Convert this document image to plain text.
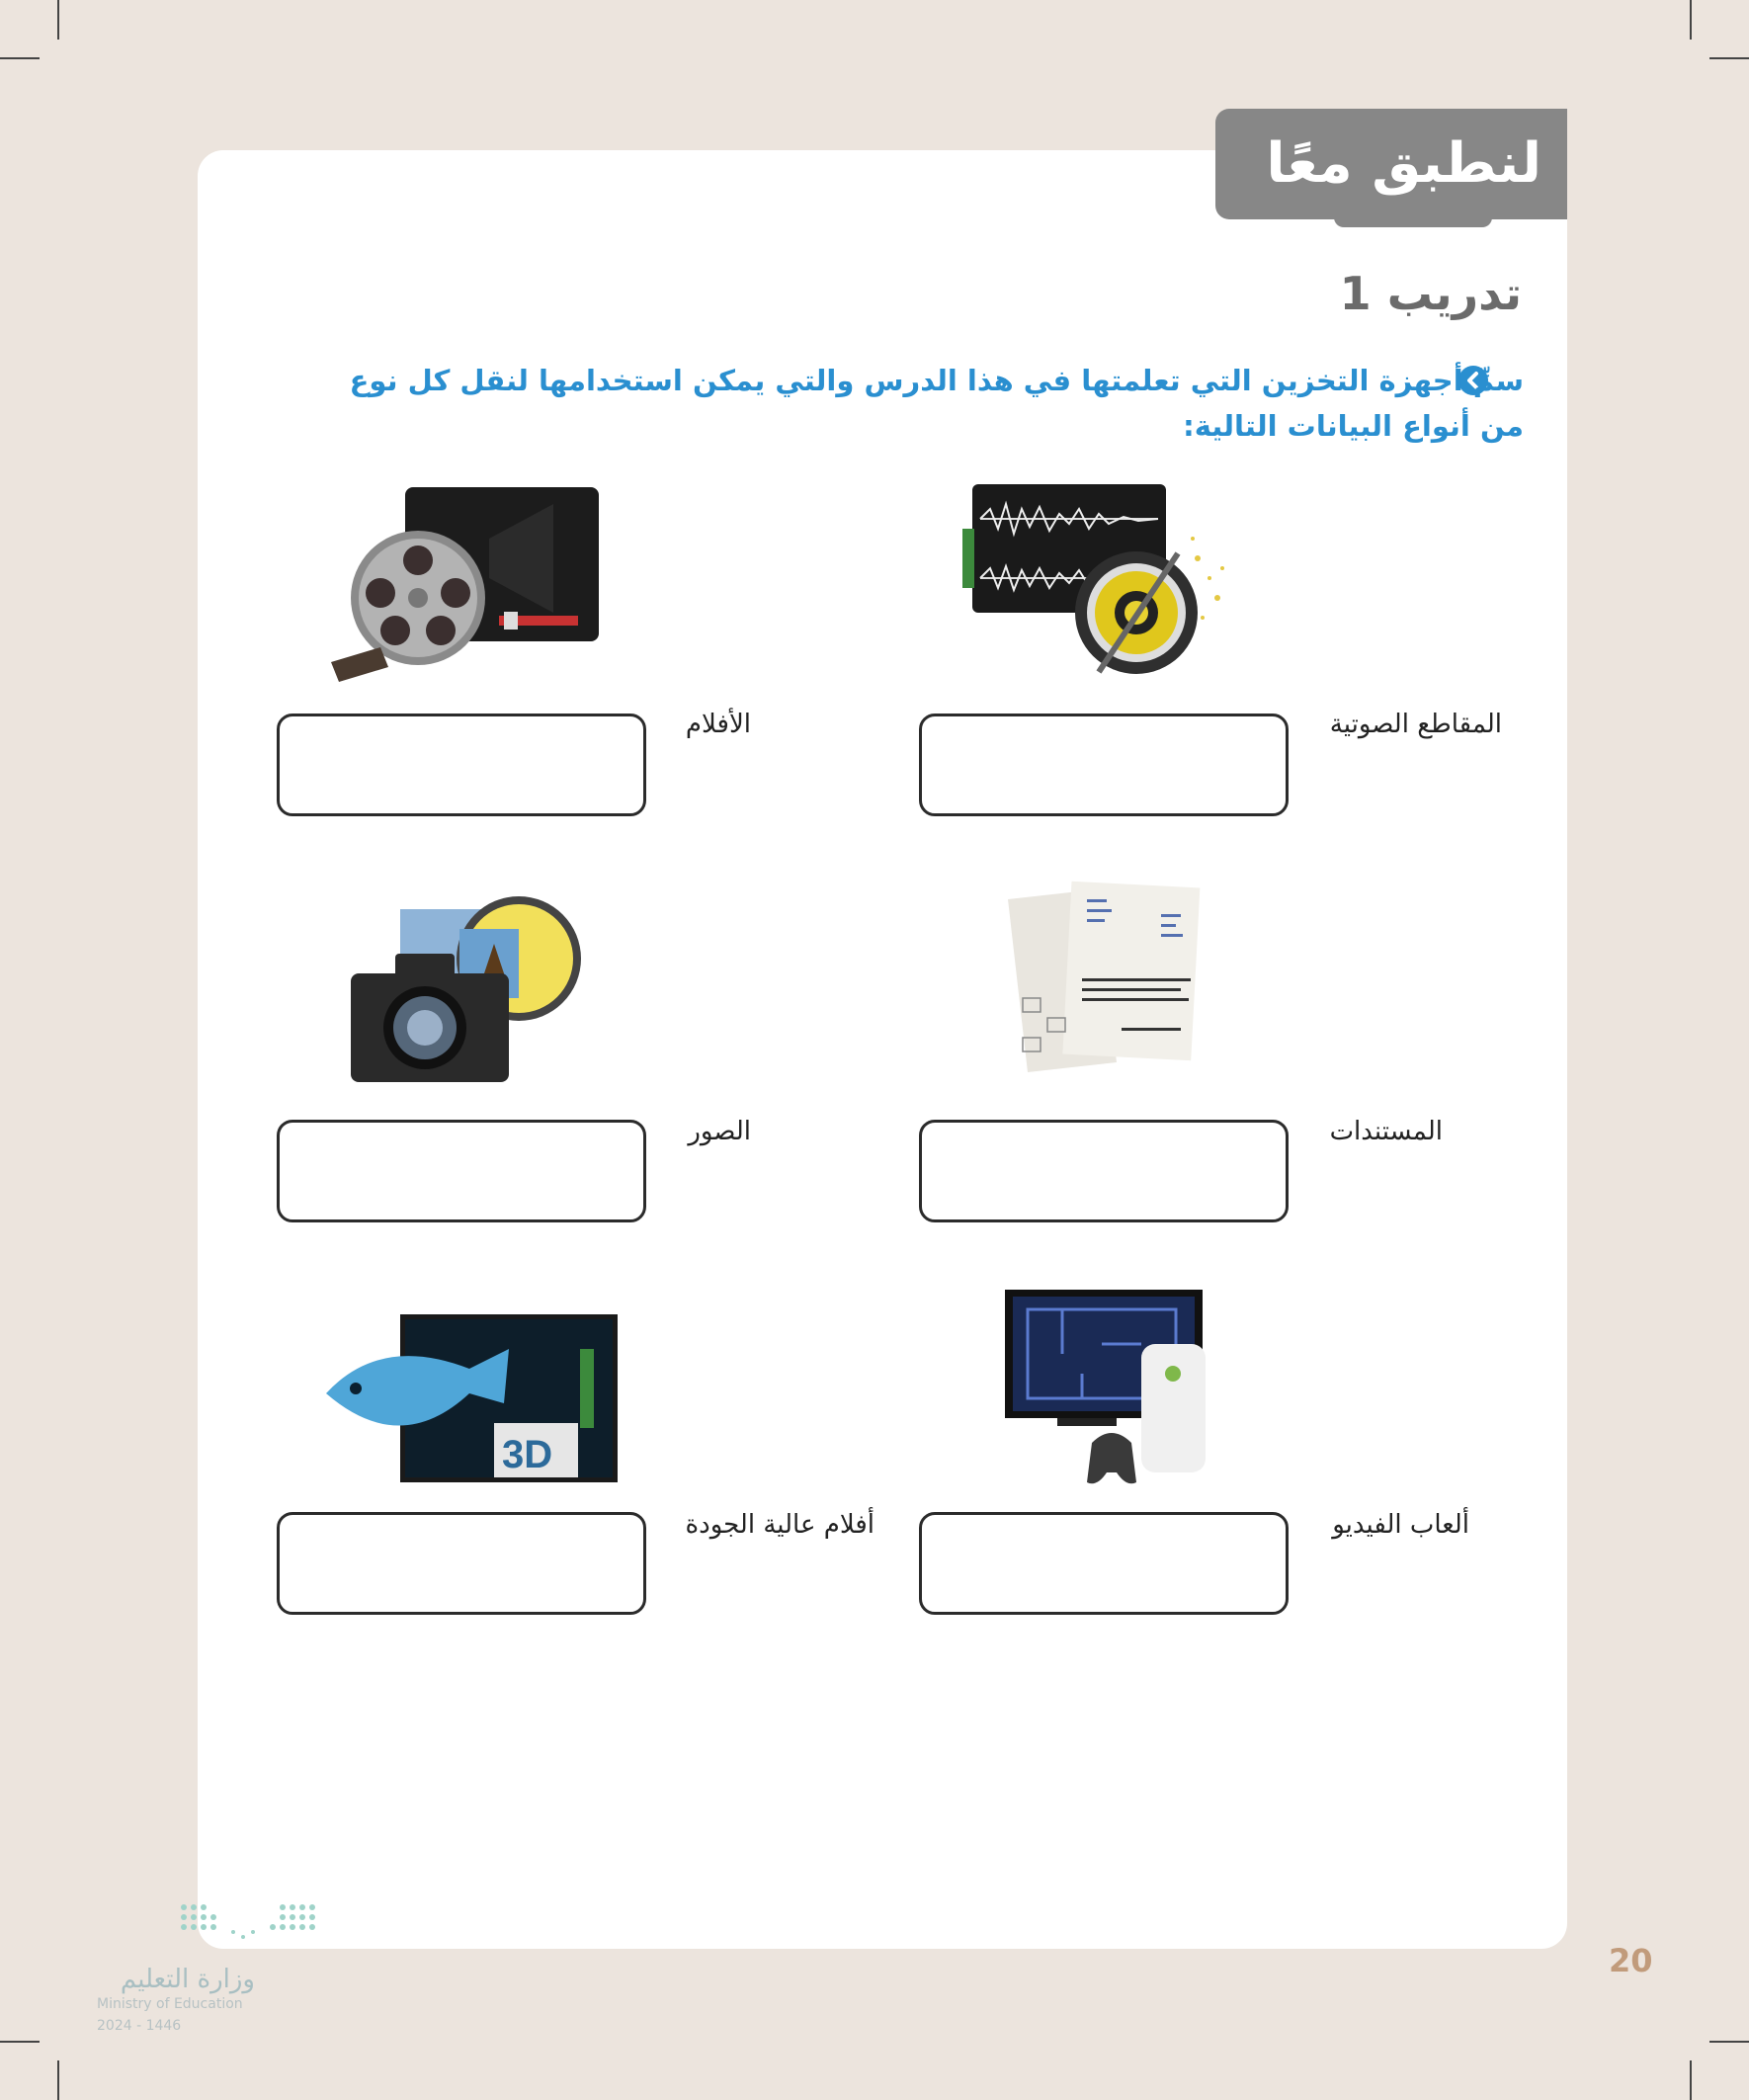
لنطبق معًا
تدريب 1
سمِّ أجهزة التخزين التي تعلمتها في هذا الدرس والتي يمكن استخدامها لنقل كل نوع من أنواع البيانات التالية:
المقاطع الصوتية
الأفلام
المستندات
الصور
ألعاب الفيديو
3D
أفلام عالية الجودة
20
وزارة التعليم
Ministry of Education
2024 - 1446
